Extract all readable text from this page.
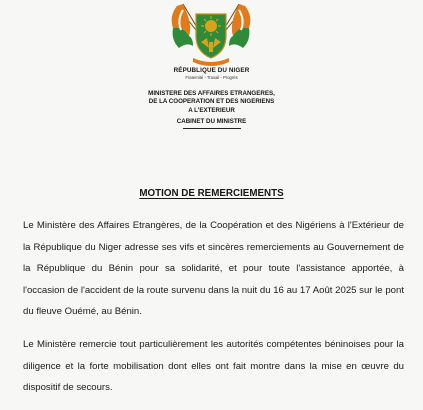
RÉPUBLIQUE DU NIGER
Fraternité - Travail - Progrès
MINISTERE DES AFFAIRES ETRANGERES,
DE LA COOPERATION ET DES NIGERIENS
A L'EXTERIEUR
CABINET DU MINISTRE
MOTION DE REMERCIEMENTS
Le Ministère des Affaires Etrangères, de la Coopération et des Nigériens à l'Extérieur de la République du Niger adresse ses vifs et sincères remerciements au Gouvernement de la République du Bénin pour sa solidarité, et pour toute l'assistance apportée, à l'occasion de l'accident de la route survenu dans la nuit du 16 au 17 Août 2025 sur le pont du fleuve Ouémé, au Bénin.
Le Ministère remercie tout particulièrement les autorités compétentes béninoises pour la diligence et la forte mobilisation dont elles ont fait montre dans la mise en œuvre du dispositif de secours.
